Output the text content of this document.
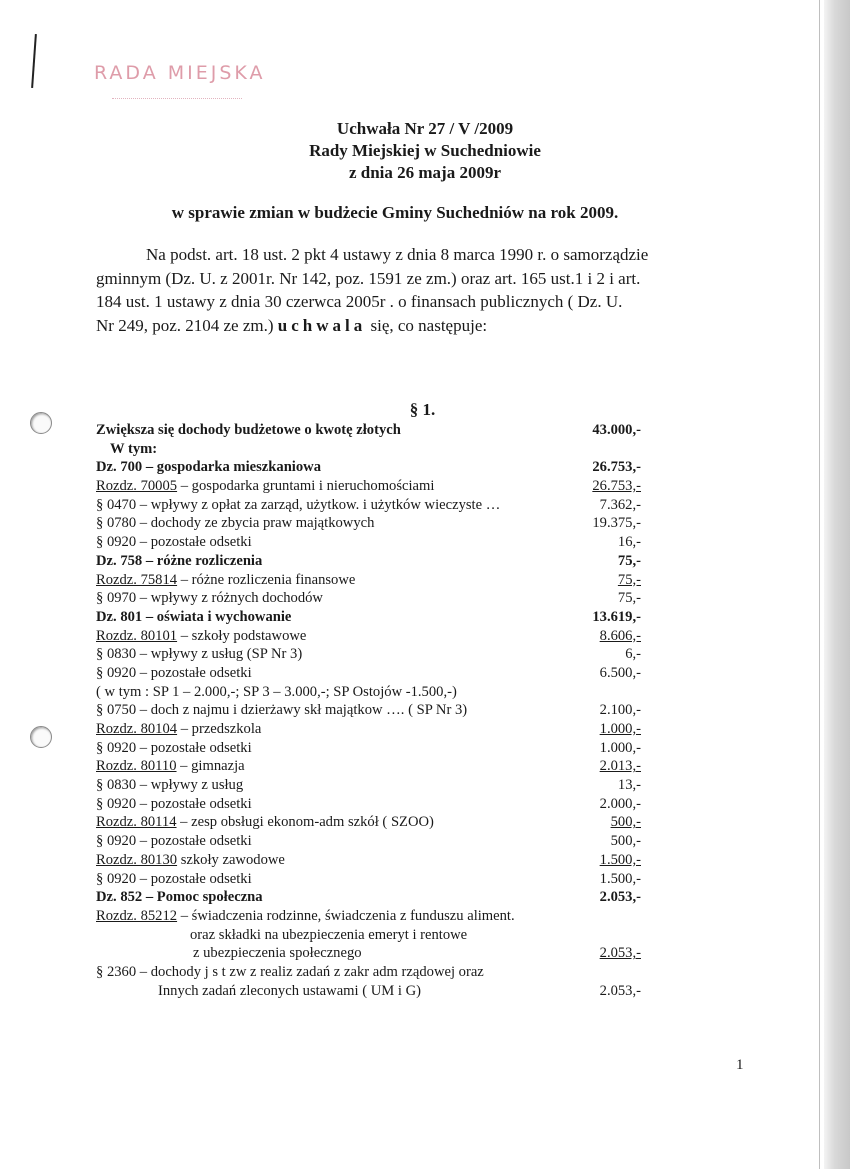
RADA MIEJSKA
Uchwała Nr 27 / V /2009
Rady Miejskiej w Suchedniowie
z dnia 26 maja 2009r
w sprawie zmian w budżecie Gminy Suchedniów na rok 2009.
Na podst. art. 18 ust. 2 pkt 4 ustawy z dnia 8 marca 1990 r. o samorządzie
gminnym (Dz. U. z 2001r. Nr 142, poz. 1591 ze zm.) oraz art. 165 ust.1 i 2 i art.
184 ust. 1 ustawy z dnia 30 czerwca 2005r . o finansach publicznych ( Dz. U.
Nr 249, poz. 2104 ze zm.) uchwala się, co następuje:
§ 1.
Zwiększa się dochody budżetowe o kwotę złotych	43.000,-
W tym:
Dz. 700 – gospodarka mieszkaniowa	26.753,-
Rozdz. 70005 – gospodarka gruntami i nieruchomościami	26.753,-
§ 0470 – wpływy z opłat za zarząd, użytkow. i użytków wieczyste …	7.362,-
§ 0780 – dochody ze zbycia praw majątkowych	19.375,-
§ 0920 – pozostałe odsetki	16,-
Dz. 758 – różne rozliczenia	75,-
Rozdz. 75814 – różne rozliczenia finansowe	75,-
§ 0970 – wpływy z różnych dochodów	75,-
Dz. 801 – oświata i wychowanie	13.619,-
Rozdz. 80101 – szkoły podstawowe	8.606,-
§ 0830 – wpływy z usług (SP Nr 3)	6,-
§ 0920 – pozostałe odsetki	6.500,-
( w tym : SP 1 – 2.000,-; SP 3 – 3.000,-; SP Ostojów -1.500,-)
§ 0750 – doch z najmu i dzierżawy skł majątkow …. ( SP Nr 3)	2.100,-
Rozdz. 80104 – przedszkola	1.000,-
§ 0920 – pozostałe odsetki	1.000,-
Rozdz. 80110 – gimnazja	2.013,-
§ 0830 – wpływy z usług	13,-
§ 0920 – pozostałe odsetki	2.000,-
Rozdz. 80114 – zesp obsługi ekonom-adm szkół ( SZOO)	500,-
§ 0920 – pozostałe odsetki	500,-
Rozdz. 80130 szkoły zawodowe	1.500,-
§ 0920 – pozostałe odsetki	1.500,-
Dz. 852 – Pomoc społeczna	2.053,-
Rozdz. 85212 – świadczenia rodzinne, świadczenia z funduszu aliment.
oraz składki na ubezpieczenia emeryt i rentowe
z ubezpieczenia społecznego	2.053,-
§ 2360 – dochody j s t zw z realiz zadań z zakr adm rządowej oraz
Innych zadań zleconych ustawami ( UM i G)	2.053,-
1
